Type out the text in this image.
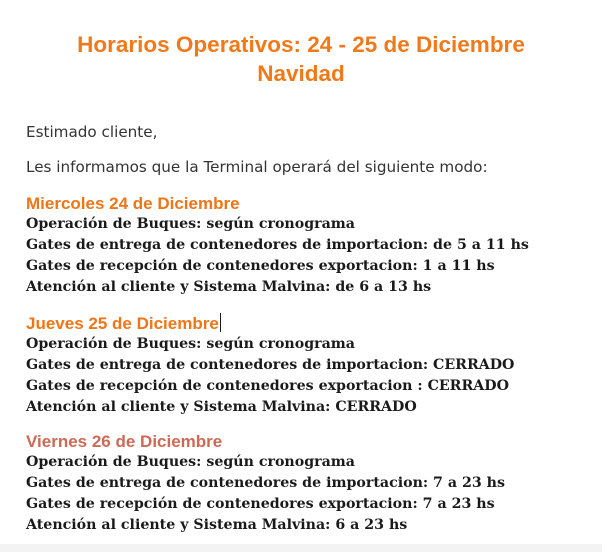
Horarios Operativos: 24 - 25 de Diciembre
Navidad
Estimado cliente,
Les informamos que la Terminal operará del siguiente modo:
Miercoles 24 de Diciembre
Operación de Buques: según cronograma
Gates de entrega de contenedores de importacion: de 5 a 11 hs
Gates de recepción de contenedores exportacion: 1 a 11 hs
Atención al cliente y Sistema Malvina: de 6 a 13 hs
Jueves 25 de Diciembre
Operación de Buques: según cronograma
Gates de entrega de contenedores de importacion: CERRADO
Gates de recepción de contenedores exportacion : CERRADO
Atención al cliente y Sistema Malvina: CERRADO
Viernes 26 de Diciembre
Operación de Buques: según cronograma
Gates de entrega de contenedores de importacion: 7 a 23 hs
Gates de recepción de contenedores exportacion: 7 a 23 hs
Atención al cliente y Sistema Malvina: 6 a 23 hs
